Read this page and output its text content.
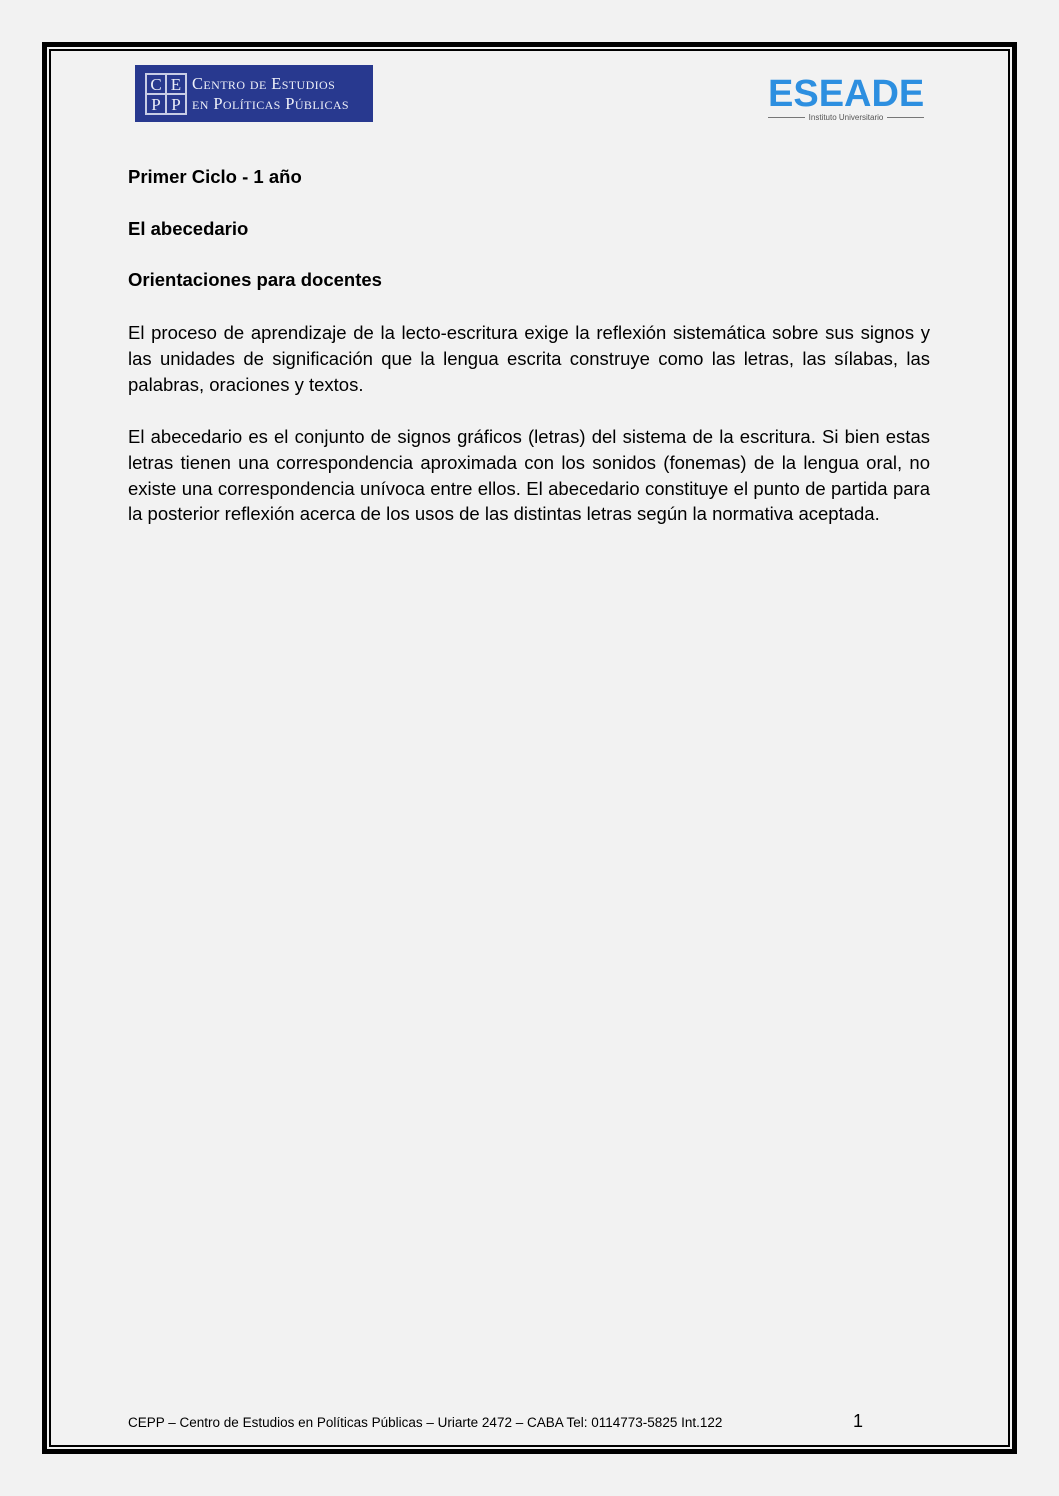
C E
P P
Centro de Estudios
en Políticas Públicas	ESEADE
Instituto Universitario
Primer Ciclo - 1 año
El abecedario
Orientaciones para docentes
El proceso de aprendizaje de la lecto-escritura exige la reflexión sistemática sobre sus signos y las unidades de significación que la lengua escrita construye como las letras, las sílabas, las palabras, oraciones y textos.
El abecedario es el conjunto de signos gráficos (letras) del sistema de la escritura. Si bien estas letras tienen una correspondencia aproximada con los sonidos (fonemas) de la lengua oral, no existe una correspondencia unívoca entre ellos. El abecedario constituye el punto de partida para la posterior reflexión acerca de los usos de las distintas letras según la normativa aceptada.
CEPP – Centro de Estudios en Políticas Públicas – Uriarte 2472 – CABA Tel: 0114773-5825 Int.122	1
